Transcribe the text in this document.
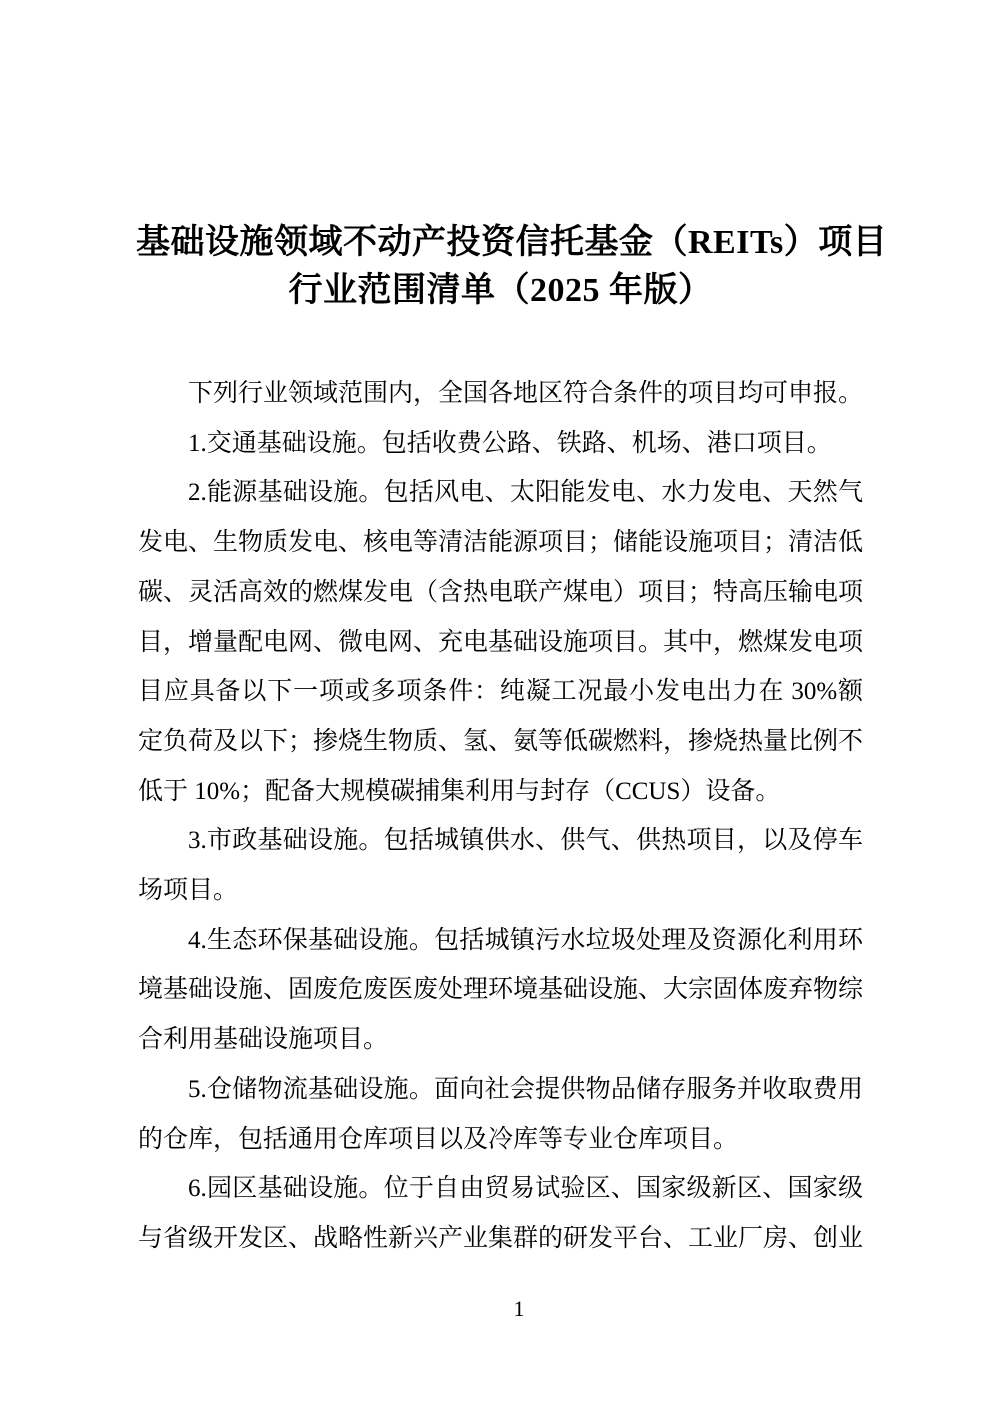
基础设施领域不动产投资信托基金（REITs）项目
行业范围清单（2025 年版）

下列行业领域范围内，全国各地区符合条件的项目均可申报。

1.交通基础设施。包括收费公路、铁路、机场、港口项目。

2.能源基础设施。包括风电、太阳能发电、水力发电、天然气发电、生物质发电、核电等清洁能源项目；储能设施项目；清洁低碳、灵活高效的燃煤发电（含热电联产煤电）项目；特高压输电项目，增量配电网、微电网、充电基础设施项目。其中，燃煤发电项目应具备以下一项或多项条件：纯凝工况最小发电出力在 30%额定负荷及以下；掺烧生物质、氢、氨等低碳燃料，掺烧热量比例不低于 10%；配备大规模碳捕集利用与封存（CCUS）设备。

3.市政基础设施。包括城镇供水、供气、供热项目，以及停车场项目。

4.生态环保基础设施。包括城镇污水垃圾处理及资源化利用环境基础设施、固废危废医废处理环境基础设施、大宗固体废弃物综合利用基础设施项目。

5.仓储物流基础设施。面向社会提供物品储存服务并收取费用的仓库，包括通用仓库项目以及冷库等专业仓库项目。

6.园区基础设施。位于自由贸易试验区、国家级新区、国家级与省级开发区、战略性新兴产业集群的研发平台、工业厂房、创业

1
